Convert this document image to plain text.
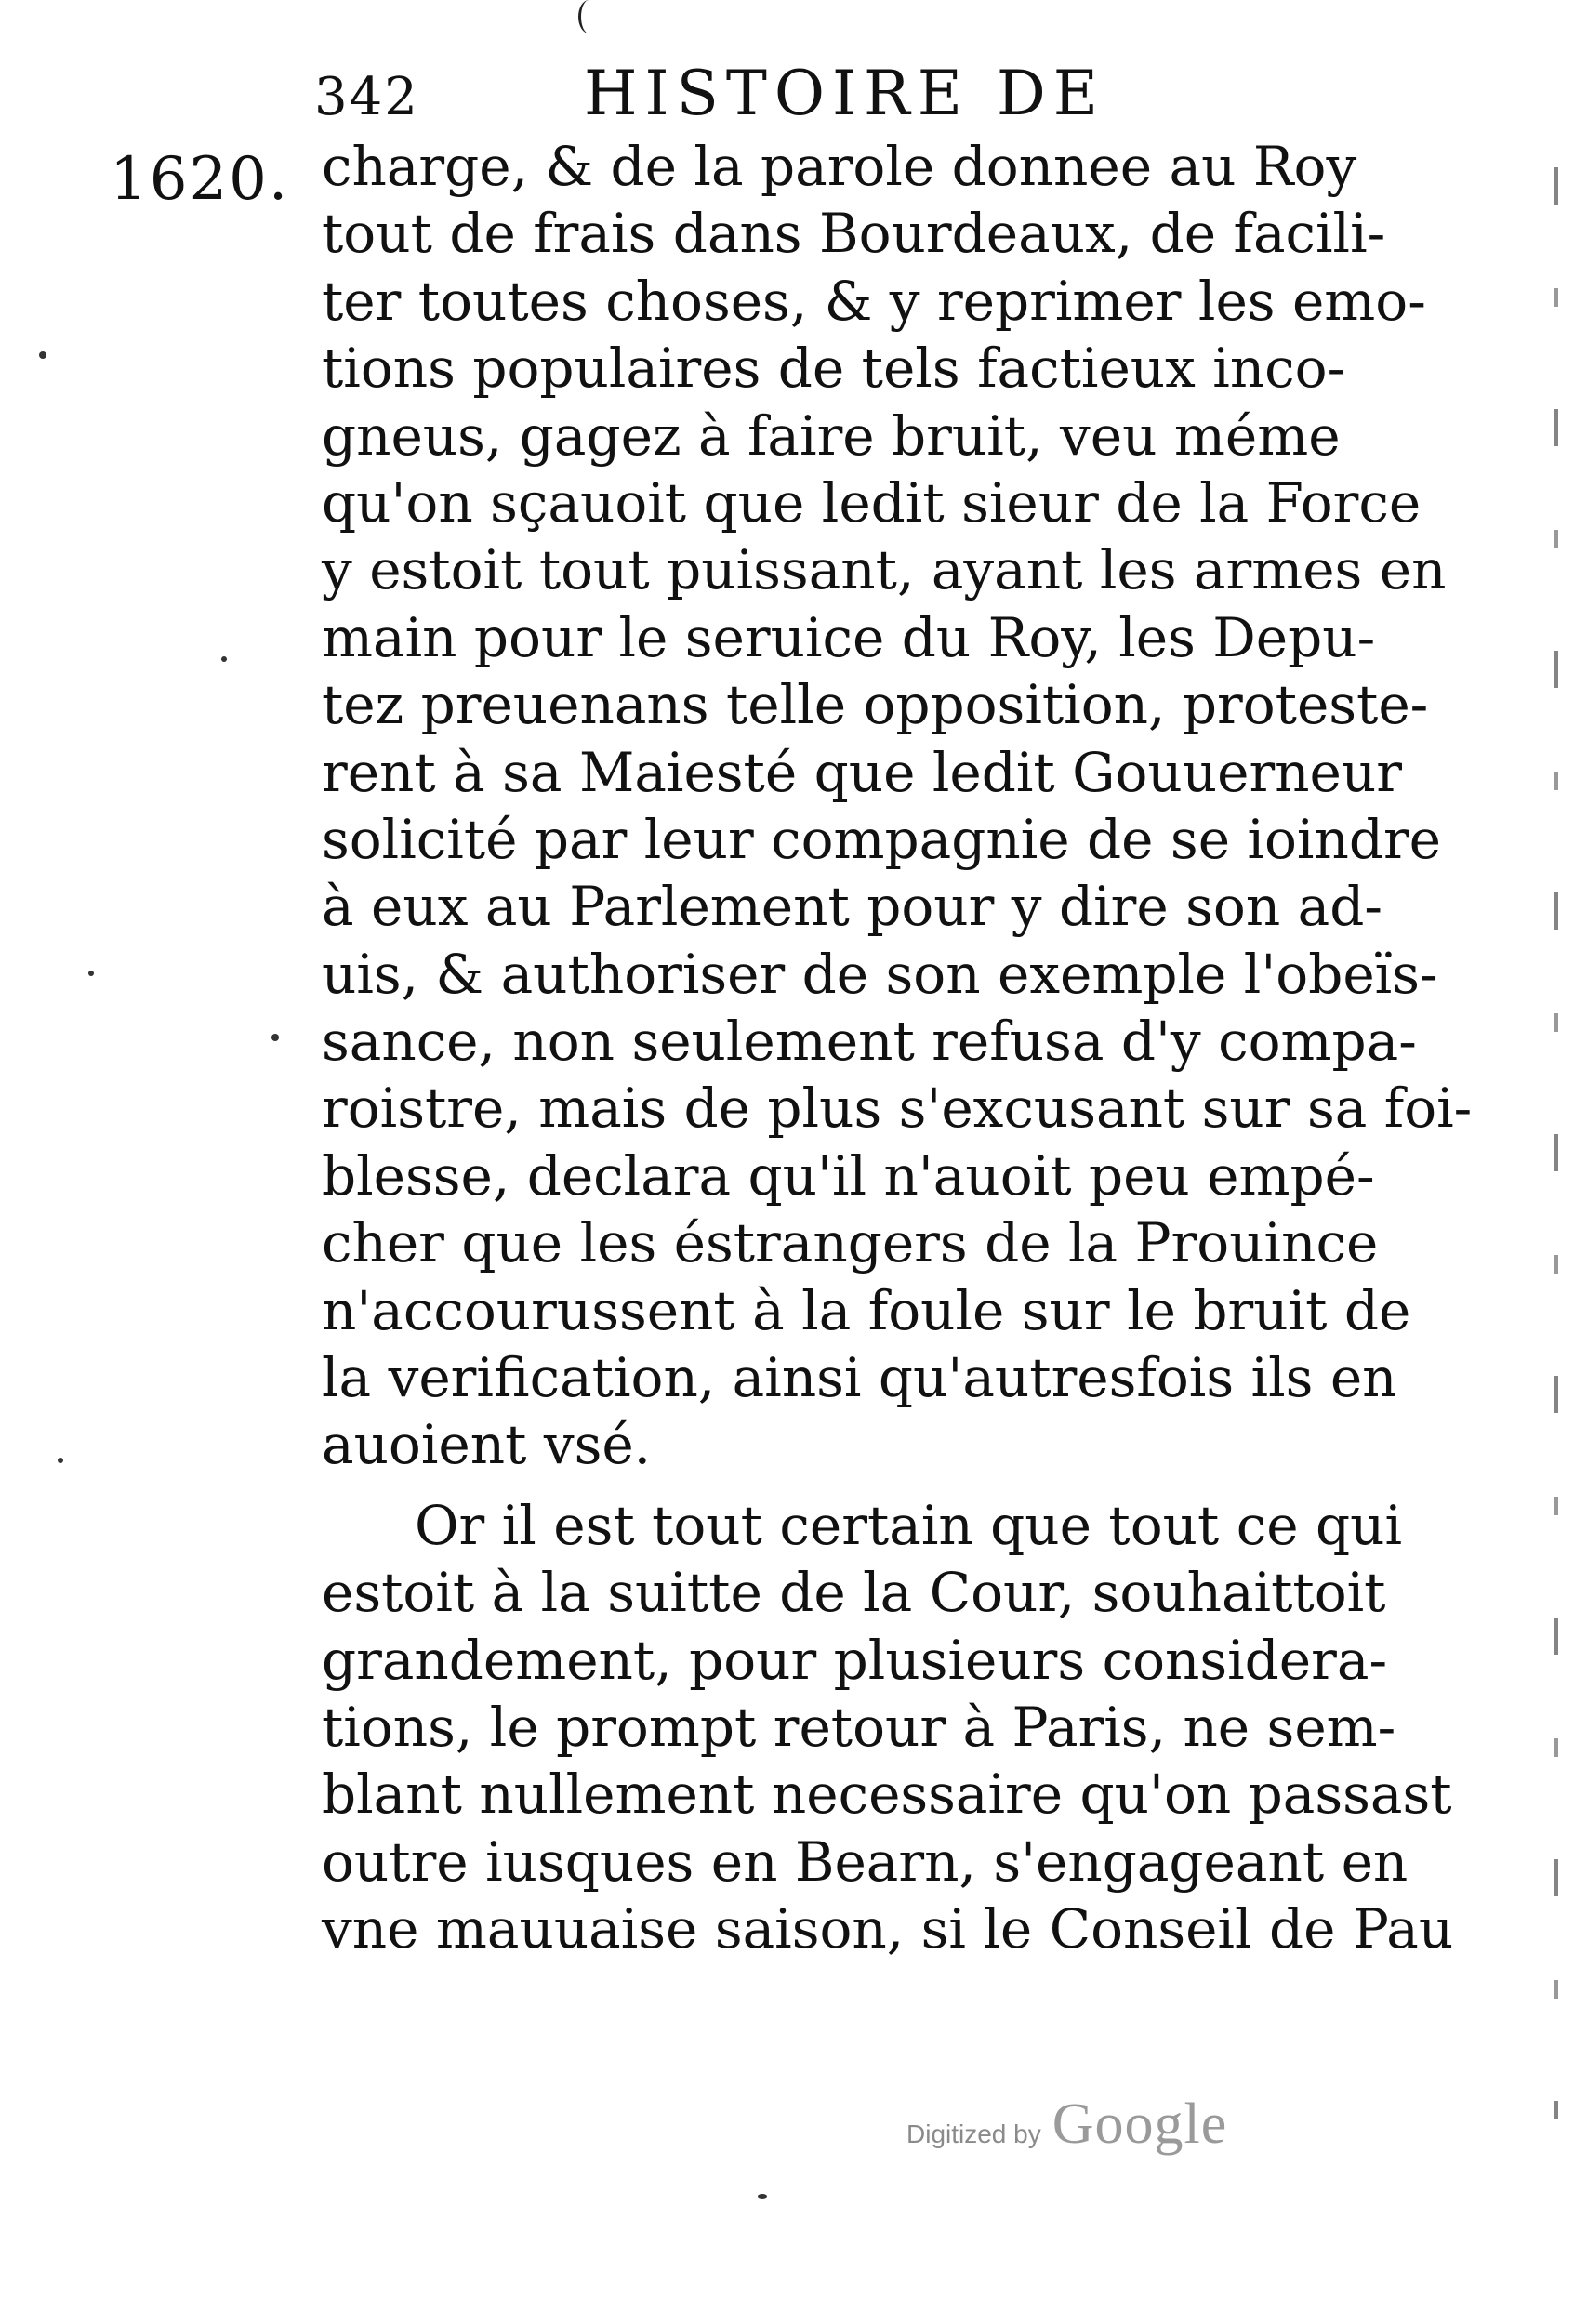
342	HISTOIRE DE
1620. charge, & de la parole donnee au Roy
tout de frais dans Bourdeaux, de facili-
ter toutes choses, & y reprimer les emo-
tions populaires de tels factieux inco-
gneus, gagez à faire bruit, veu méme
qu'on sçauoit que ledit sieur de la Force
y estoit tout puissant, ayant les armes en
main pour le seruice du Roy, les Depu-
tez preuenans telle opposition, proteste-
rent à sa Maiesté que ledit Gouuerneur
solicité par leur compagnie de se ioindre
à eux au Parlement pour y dire son ad-
uis, & authoriser de son exemple l'obeïs-
sance, non seulement refusa d'y compa-
roistre, mais de plus s'excusant sur sa foi-
blesse, declara qu'il n'auoit peu empé-
cher que les éstrangers de la Prouince
n'accourussent à la foule sur le bruit de
la verification, ainsi qu'autresfois ils en
auoient vsé.
Or il est tout certain que tout ce qui
estoit à la suitte de la Cour, souhaittoit
grandement, pour plusieurs considera-
tions, le prompt retour à Paris, ne sem-
blant nullement necessaire qu'on passast
outre iusques en Bearn, s'engageant en
vne mauuaise saison, si le Conseil de Pau
Digitized by Google
